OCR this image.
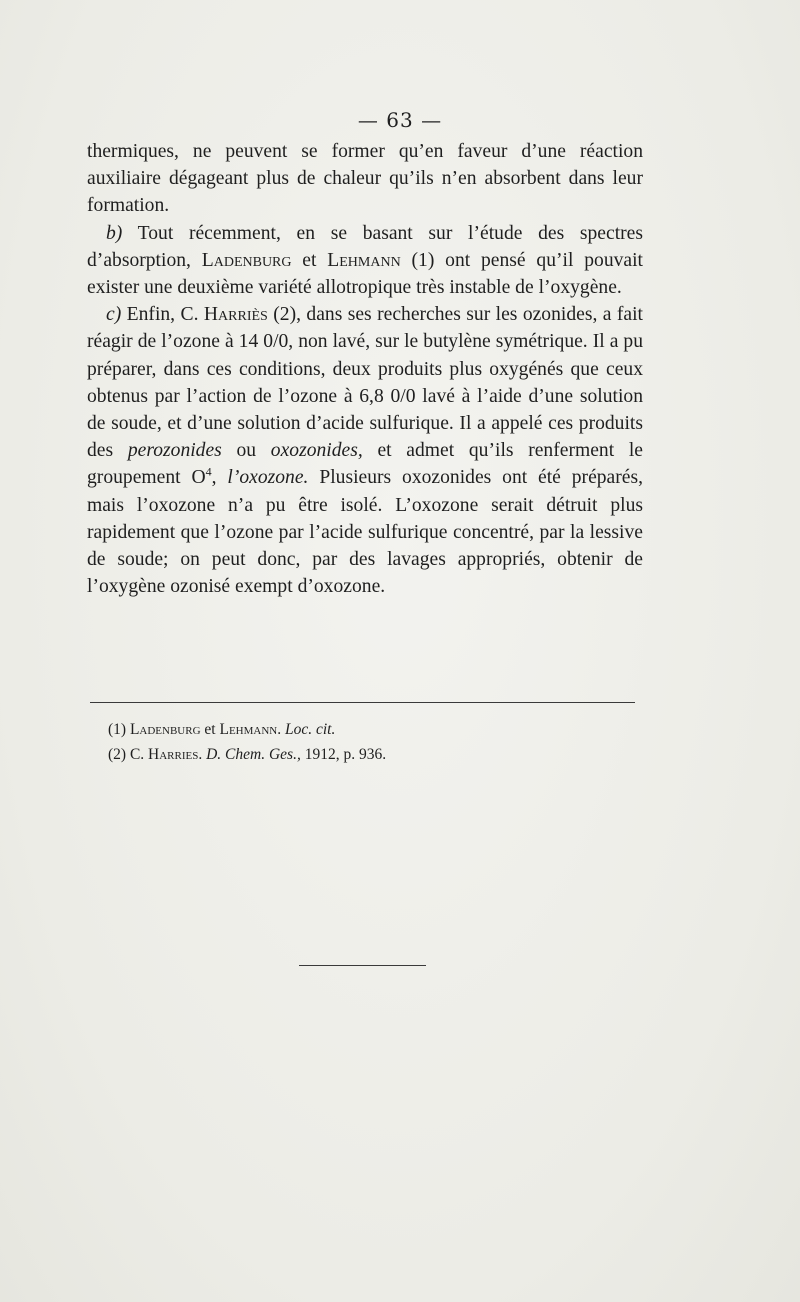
— 63 —

thermiques, ne peuvent se former qu’en faveur d’une réaction auxiliaire dégageant plus de chaleur qu’ils n’en absorbent dans leur formation.

b) Tout récemment, en se basant sur l’étude des spectres d’absorption, Ladenburg et Lehmann (1) ont pensé qu’il pouvait exister une deuxième variété allotropique très instable de l’oxygène.

c) Enfin, C. Harriès (2), dans ses recherches sur les ozonides, a fait réagir de l’ozone à 14 0/0, non lavé, sur le butylène symétrique. Il a pu préparer, dans ces conditions, deux produits plus oxygénés que ceux obtenus par l’action de l’ozone à 6,8 0/0 lavé à l’aide d’une solution de soude, et d’une solution d’acide sulfurique. Il a appelé ces produits des perozonides ou oxozonides, et admet qu’ils renferment le groupement $O^4$, l’oxozone. Plusieurs oxozonides ont été préparés, mais l’oxozone n’a pu être isolé. L’oxozone serait détruit plus rapidement que l’ozone par l’acide sulfurique concentré, par la lessive de soude; on peut donc, par des lavages appropriés, obtenir de l’oxygène ozonisé exempt d’oxozone.

(1) Ladenburg et Lehmann. Loc. cit.
(2) C. Harries. D. Chem. Ges., 1912, p. 936.
